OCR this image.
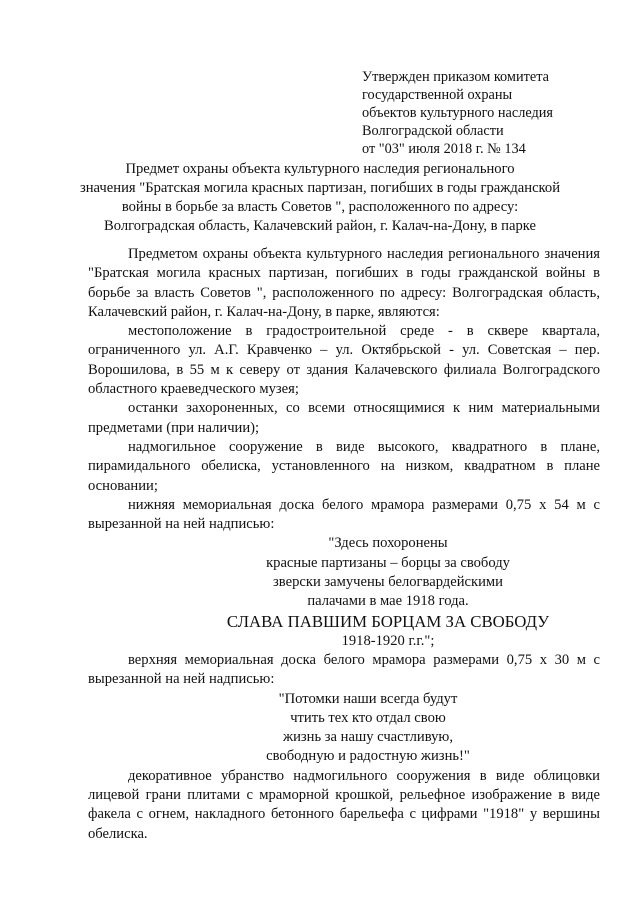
Утвержден приказом комитета
государственной охраны
объектов культурного наследия
Волгоградской области
от "03" июля 2018 г. № 134
Предмет охраны объекта культурного наследия регионального
значения "Братская могила красных партизан, погибших в годы гражданской
войны в борьбе за власть Советов ", расположенного по адресу:
Волгоградская область, Калачевский район, г. Калач-на-Дону, в парке

Предметом охраны объекта культурного наследия регионального значения "Братская могила красных партизан, погибших в годы гражданской войны в борьбе за власть Советов ", расположенного по адресу: Волгоградская область, Калачевский район, г. Калач-на-Дону, в парке, являются:

местоположение в градостроительной среде - в сквере квартала, ограниченного ул. А.Г. Кравченко – ул. Октябрьской - ул. Советская – пер. Ворошилова, в 55 м к северу от здания Калачевского филиала Волгоградского областного краеведческого музея;

останки захороненных, со всеми относящимися к ним материальными предметами (при наличии);

надмогильное сооружение в виде высокого, квадратного в плане, пирамидального обелиска, установленного на низком, квадратном в плане основании;

нижняя мемориальная доска белого мрамора размерами 0,75 х 54 м с вырезанной на ней надписью:

"Здесь похоронены
красные партизаны – борцы за свободу
зверски замучены белогвардейскими
палачами в мае 1918 года.
СЛАВА ПАВШИМ БОРЦАМ ЗА СВОБОДУ
1918-1920 г.г.";

верхняя мемориальная доска белого мрамора размерами 0,75 х 30 м с вырезанной на ней надписью:

"Потомки наши всегда будут
чтить тех кто отдал свою
жизнь за нашу счастливую,
свободную и радостную жизнь!"

декоративное убранство надмогильного сооружения в виде облицовки лицевой грани плитами с мраморной крошкой, рельефное изображение в виде факела с огнем, накладного бетонного барельефа с цифрами "1918" у вершины обелиска.
